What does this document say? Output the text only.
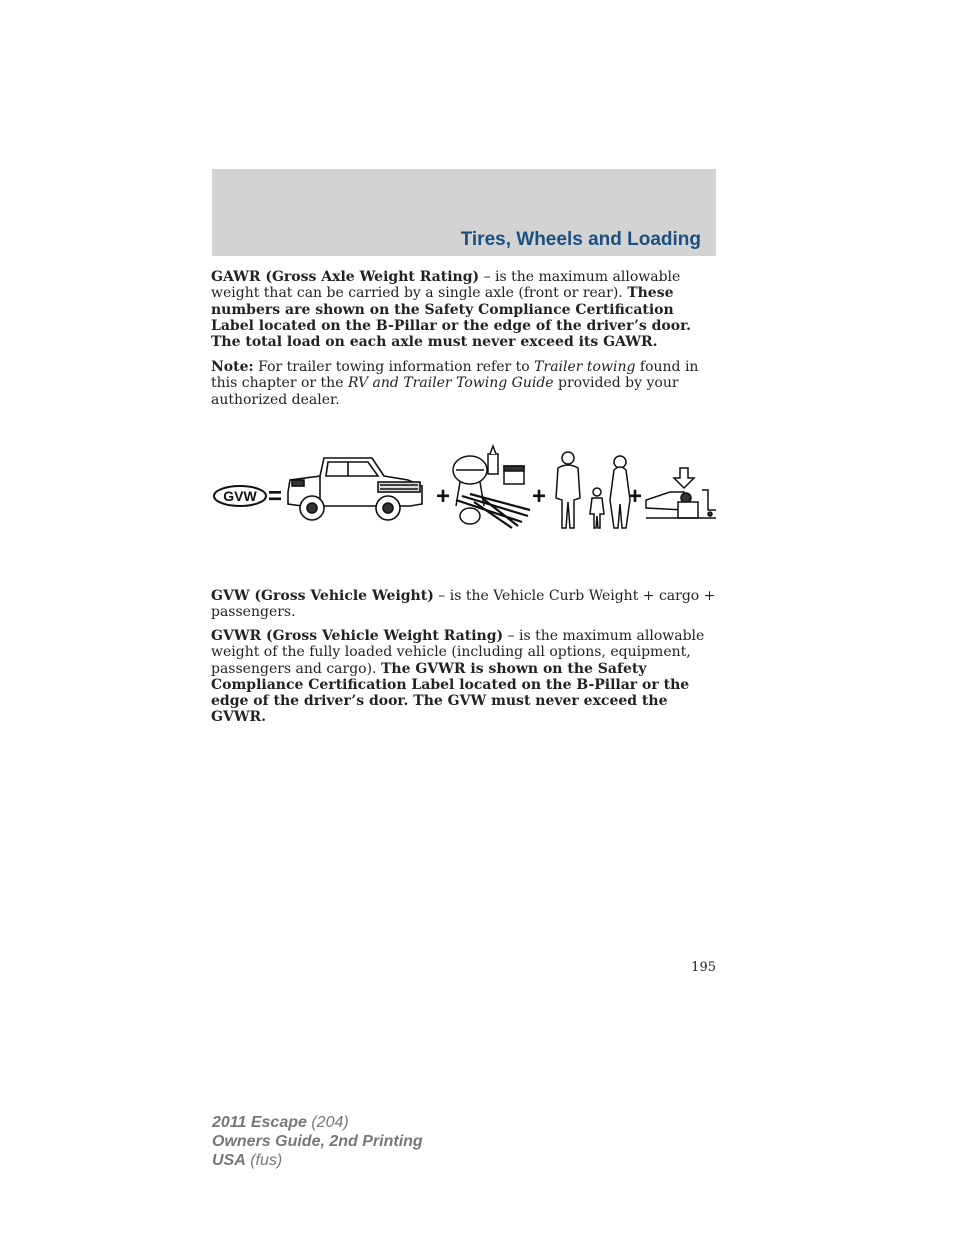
Tires, Wheels and Loading

GAWR (Gross Axle Weight Rating) – is the maximum allowable weight that can be carried by a single axle (front or rear). These numbers are shown on the Safety Compliance Certification Label located on the B-Pillar or the edge of the driver’s door. The total load on each axle must never exceed its GAWR.

Note: For trailer towing information refer to Trailer towing found in this chapter or the RV and Trailer Towing Guide provided by your authorized dealer.

GVW =	+	+	+

GVW (Gross Vehicle Weight) – is the Vehicle Curb Weight + cargo + passengers.

GVWR (Gross Vehicle Weight Rating) – is the maximum allowable weight of the fully loaded vehicle (including all options, equipment, passengers and cargo). The GVWR is shown on the Safety Compliance Certification Label located on the B-Pillar or the edge of the driver’s door. The GVW must never exceed the GVWR.

195
2011 Escape (204)
Owners Guide, 2nd Printing
USA (fus)
